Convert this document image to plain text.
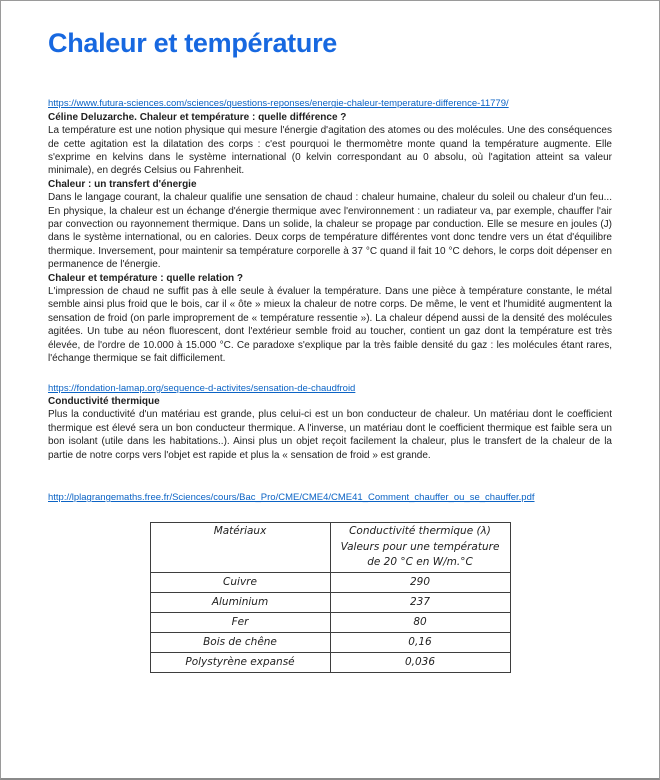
Chaleur et température
https://www.futura-sciences.com/sciences/questions-reponses/energie-chaleur-temperature-difference-11779/
Céline Deluzarche. Chaleur et température : quelle différence ?

La température est une notion physique qui mesure l'énergie d'agitation des atomes ou des molécules. Une des conséquences de cette agitation est la dilatation des corps : c'est pourquoi le thermomètre monte quand la température augmente. Elle s'exprime en kelvins dans le système international (0 kelvin correspondant au 0 absolu, où l'agitation atteint sa valeur minimale), en degrés Celsius ou Fahrenheit.

Chaleur : un transfert d'énergie

Dans le langage courant, la chaleur qualifie une sensation de chaud : chaleur humaine, chaleur du soleil ou chaleur d'un feu... En physique, la chaleur est un échange d'énergie thermique avec l'environnement : un radiateur va, par exemple, chauffer l'air par convection ou rayonnement thermique. Dans un solide, la chaleur se propage par conduction. Elle se mesure en joules (J) dans le système international, ou en calories. Deux corps de température différentes vont donc tendre vers un état d'équilibre thermique. Inversement, pour maintenir sa température corporelle à 37 °C quand il fait 10 °C dehors, le corps doit dépenser en permanence de l'énergie.

Chaleur et température : quelle relation ?

L'impression de chaud ne suffit pas à elle seule à évaluer la température. Dans une pièce à température constante, le métal semble ainsi plus froid que le bois, car il « ôte » mieux la chaleur de notre corps. De même, le vent et l'humidité augmentent la sensation de froid (on parle improprement de « température ressentie »). La chaleur dépend aussi de la densité des molécules agitées. Un tube au néon fluorescent, dont l'extérieur semble froid au toucher, contient un gaz dont la température est très élevée, de l'ordre de 10.000 à 15.000 °C. Ce paradoxe s'explique par la très faible densité du gaz : les molécules étant rares, l'échange thermique se fait difficilement.

https://fondation-lamap.org/sequence-d-activites/sensation-de-chaudfroid
Conductivité thermique

Plus la conductivité d'un matériau est grande, plus celui-ci est un bon conducteur de chaleur. Un matériau dont le coefficient thermique est élevé sera un bon conducteur thermique. A l'inverse, un matériau dont le coefficient thermique est faible sera un bon isolant (utile dans les habitations..). Ainsi plus un objet reçoit facilement la chaleur, plus le transfert de la chaleur de la partie de notre corps vers l'objet est rapide et plus la « sensation de froid » est grande.

http://lplagrangemaths.free.fr/Sciences/cours/Bac_Pro/CME/CME4/CME41_Comment_chauffer_ou_se_chauffer.pdf
Matériaux	Conductivité thermique (λ)
Valeurs pour une température
de 20 °C en W/m.°C

Cuivre	290
Aluminium	237
Fer	80
Bois de chêne	0,16
Polystyrène expansé	0,036
